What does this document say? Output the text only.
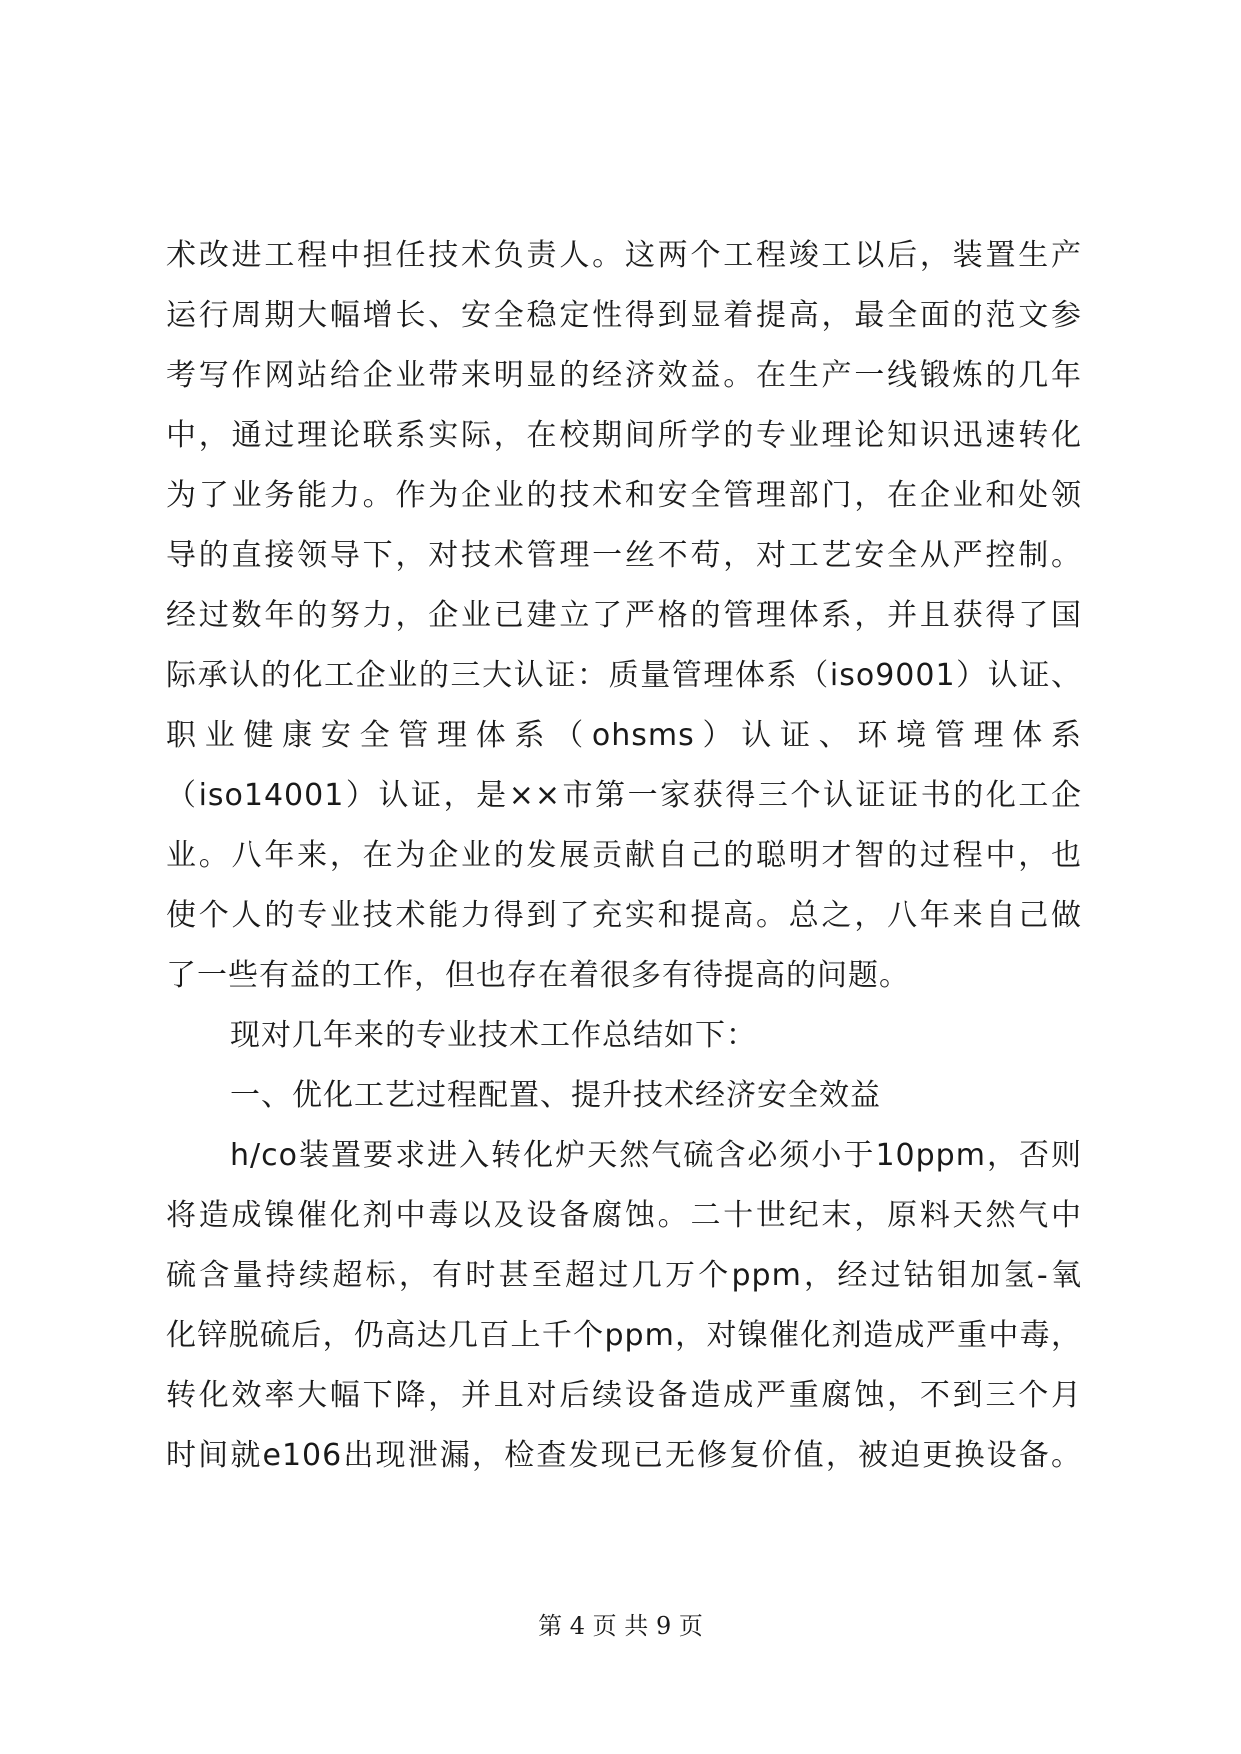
术改进工程中担任技术负责人。这两个工程竣工以后，装置生产
运行周期大幅增长、安全稳定性得到显着提高，最全面的范文参
考写作网站给企业带来明显的经济效益。在生产一线锻炼的几年
中，通过理论联系实际，在校期间所学的专业理论知识迅速转化
为了业务能力。作为企业的技术和安全管理部门，在企业和处领
导的直接领导下，对技术管理一丝不苟，对工艺安全从严控制。
经过数年的努力，企业已建立了严格的管理体系，并且获得了国
际承认的化工企业的三大认证：质量管理体系（iso9001）认证、
职业健康安全管理体系（ohsms）认证、环境管理体系
（iso14001）认证，是××市第一家获得三个认证证书的化工企
业。八年来，在为企业的发展贡献自己的聪明才智的过程中，也
使个人的专业技术能力得到了充实和提高。总之，八年来自己做
了一些有益的工作，但也存在着很多有待提高的问题。
现对几年来的专业技术工作总结如下：
一、优化工艺过程配置、提升技术经济安全效益
h/co装置要求进入转化炉天然气硫含必须小于10ppm，否则
将造成镍催化剂中毒以及设备腐蚀。二十世纪末，原料天然气中
硫含量持续超标，有时甚至超过几万个ppm，经过钴钼加氢-氧
化锌脱硫后，仍高达几百上千个ppm，对镍催化剂造成严重中毒，
转化效率大幅下降，并且对后续设备造成严重腐蚀，不到三个月
时间就e106出现泄漏，检查发现已无修复价值，被迫更换设备。
第 4 页 共 9 页
